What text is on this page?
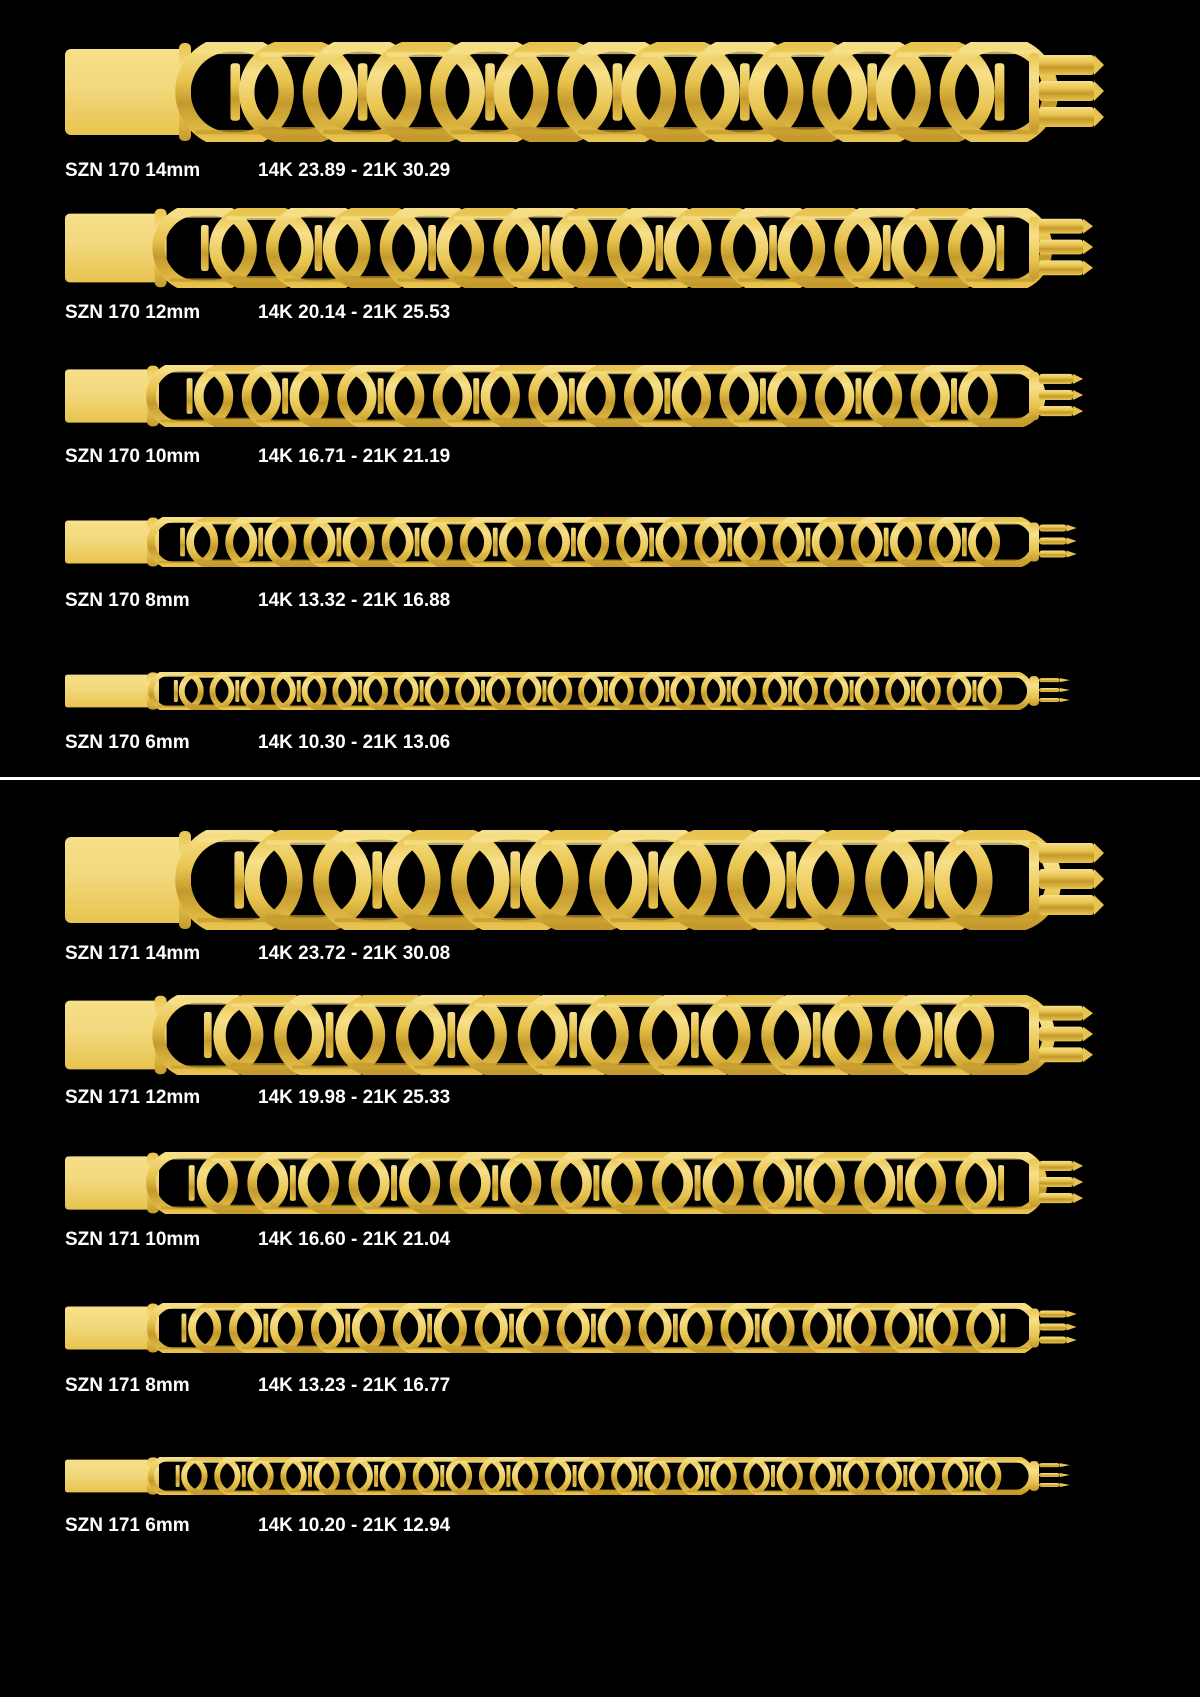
SZN 170 14mm	14K 23.89 - 21K 30.29
SZN 170 12mm	14K 20.14 - 21K 25.53
SZN 170 10mm	14K 16.71 - 21K 21.19
SZN 170 8mm	14K 13.32 - 21K 16.88
SZN 170 6mm	14K 10.30 - 21K 13.06
SZN 171 14mm	14K 23.72 - 21K 30.08
SZN 171 12mm	14K 19.98 - 21K 25.33
SZN 171 10mm	14K 16.60 - 21K 21.04
SZN 171 8mm	14K 13.23 - 21K 16.77
SZN 171 6mm	14K 10.20 - 21K 12.94
